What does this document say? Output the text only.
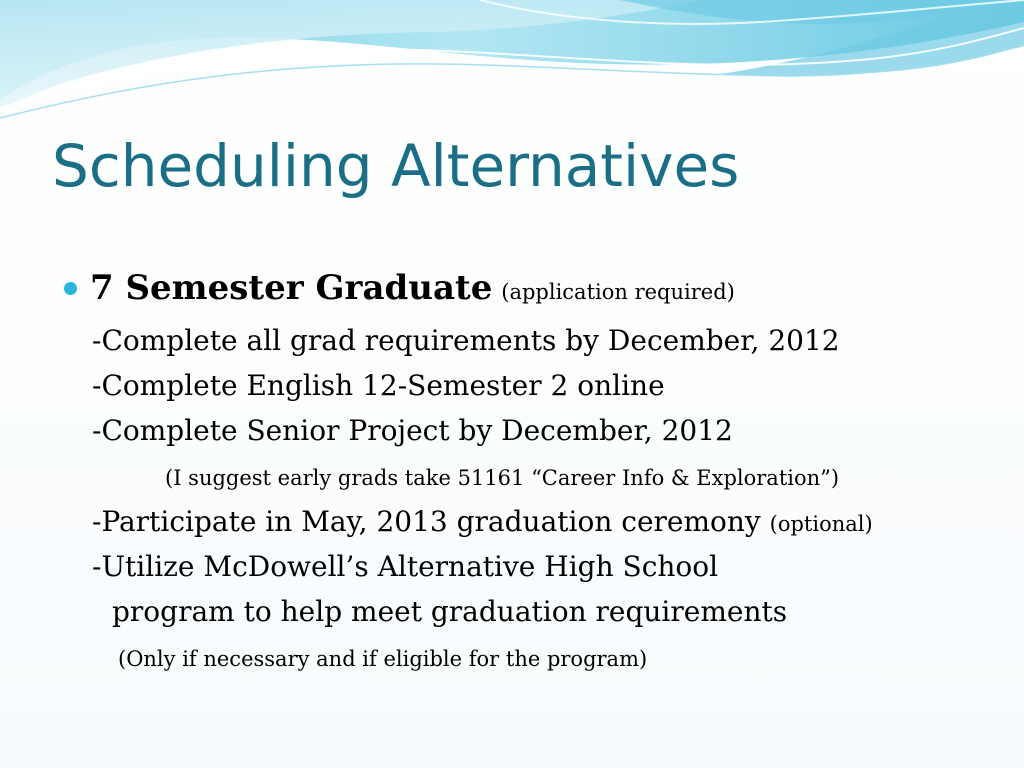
Scheduling Alternatives
7 Semester Graduate (application required)
-Complete all grad requirements by December, 2012
-Complete English 12-Semester 2 online
-Complete Senior Project by December, 2012
(I suggest early grads take 51161 “Career Info & Exploration”)
-Participate in May, 2013 graduation ceremony (optional)
-Utilize McDowell’s Alternative High School
program to help meet graduation requirements
(Only if necessary and if eligible for the program)
